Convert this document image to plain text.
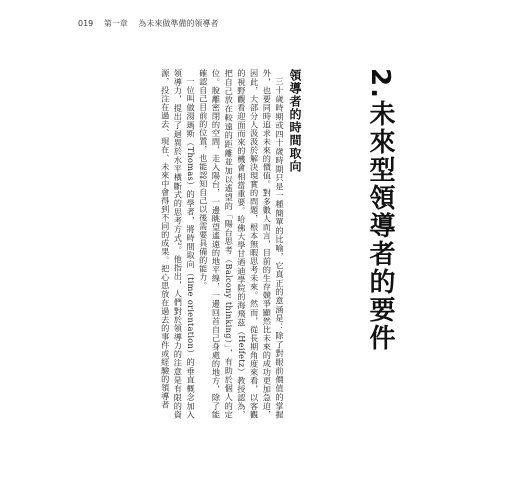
019 第一章 為未來做準備的領導者
2.未來型領導者的要件
領導者的時間取向

三十歲時期或四十歲時期只是一種簡單的比喻，它真正的意涵是：除了對眼前價值的掌握外，也要同時追求未來的價值。對多數人而言，目前的生存競爭顯然比未來的成功更加急迫，因此，大部分人汲汲於解決現實的問題，根本無暇思考未來。然而，從長期角度來看，以客觀的視野觀看迎面而來的機會相當重要。哈佛大學甘迺迪學院的海飛茲（Heifetz）教授認為，把自己放在較遠的距離並加以遙望的「陽台思考（Balcony thinking）」，有助於個人的定位。脫離密閉的空間，走入陽台，一邊眺望遙遠的地平線，一邊回首自己身處的地方，除了能確認自己目前的位置，也能認知自己以後需要具備的能力。

一位叫做湯瑪斯（Thomas）的學者，將時間取向（time orientation）的垂直概念加入領導力，提出了迴異於水平橫斷式的思考方式²。他指出，人們對於領導力的注意是有限的資源，投注在過去、現在、未來中會得到不同的成果。把心思放在過去的事件或經驗的領導者
